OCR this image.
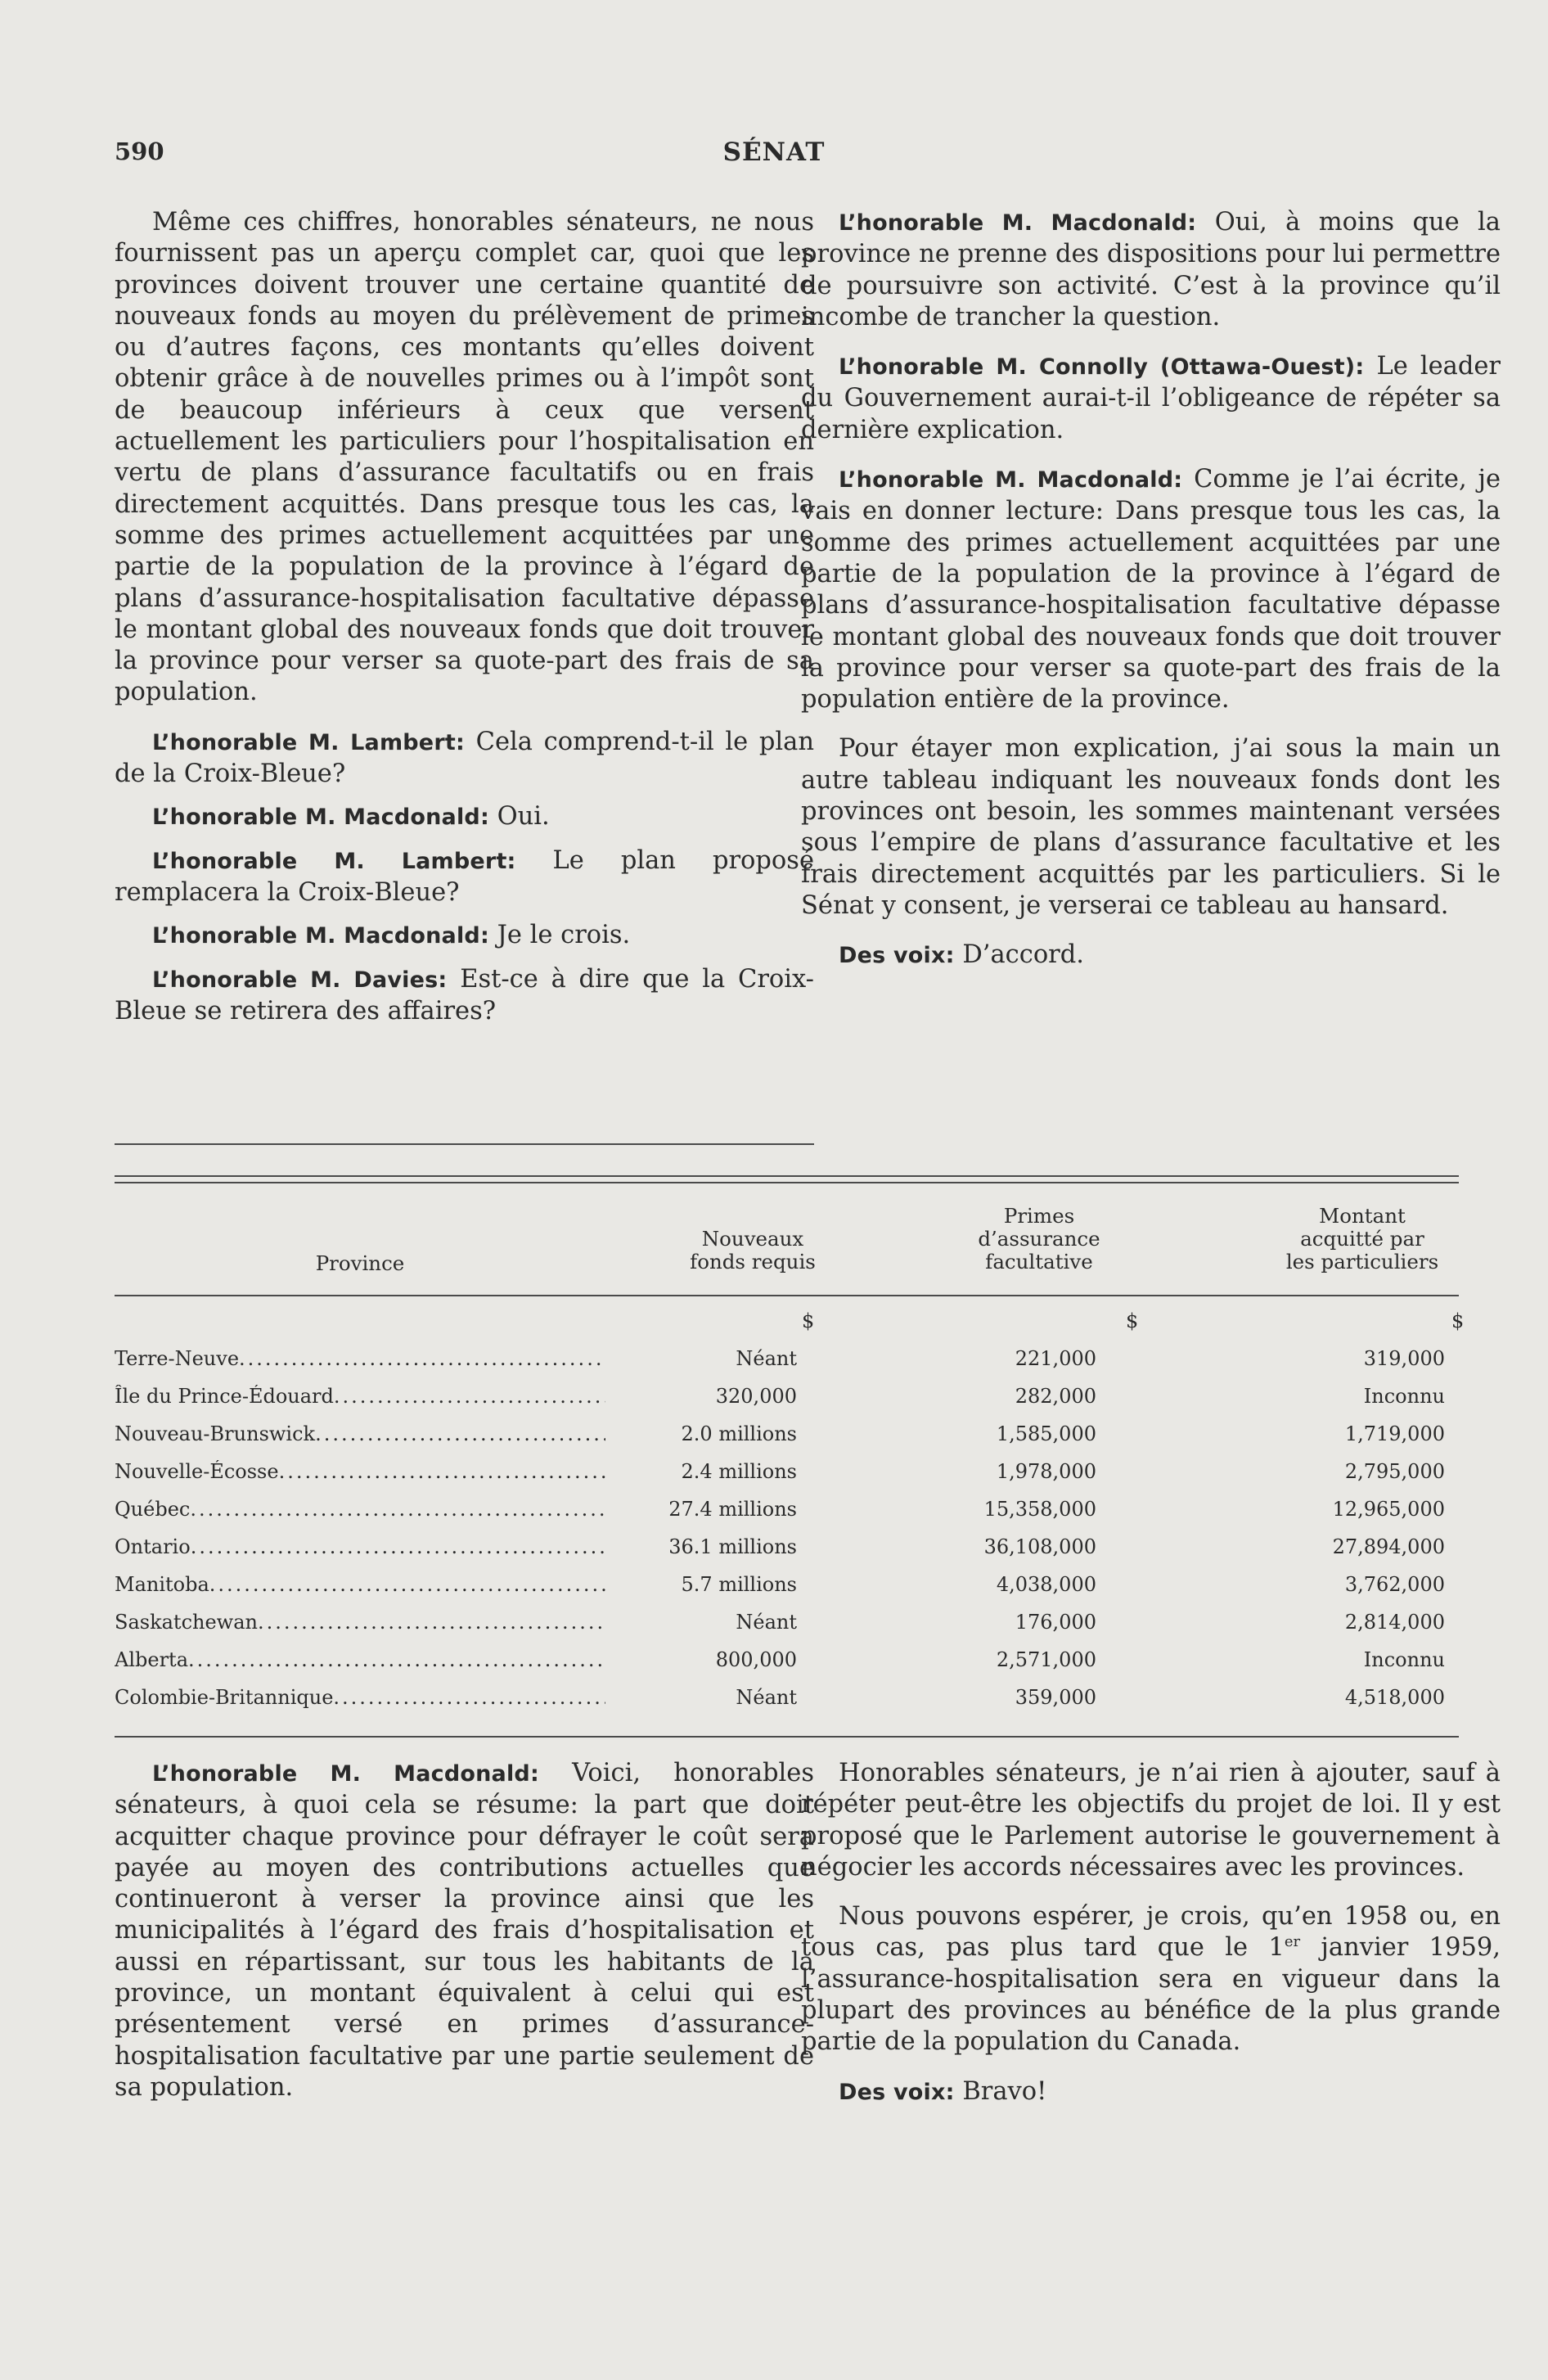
590	SÉNAT

Même ces chiffres, honorables sénateurs, ne nous fournissent pas un aperçu complet car, quoi que les provinces doivent trouver une certaine quantité de nouveaux fonds au moyen du prélèvement de primes ou d’autres façons, ces montants qu’elles doivent obtenir grâce à de nouvelles primes ou à l’impôt sont de beaucoup inférieurs à ceux que versent actuellement les particuliers pour l’hospitalisation en vertu de plans d’assurance facultatifs ou en frais directement acquittés. Dans presque tous les cas, la somme des primes actuellement acquittées par une partie de la population de la province à l’égard de plans d’assurance-hospitalisation facultative dépasse le montant global des nouveaux fonds que doit trouver la province pour verser sa quote-part des frais de sa population.

L’honorable M. Lambert: Cela comprend-t-il le plan de la Croix-Bleue?

L’honorable M. Macdonald: Oui.

L’honorable M. Lambert: Le plan proposé remplacera la Croix-Bleue?

L’honorable M. Macdonald: Je le crois.

L’honorable M. Davies: Est-ce à dire que la Croix-Bleue se retirera des affaires?

L’honorable M. Macdonald: Oui, à moins que la province ne prenne des dispositions pour lui permettre de poursuivre son activité. C’est à la province qu’il incombe de trancher la question.

L’honorable M. Connolly (Ottawa-Ouest): Le leader du Gouvernement aurai-t-il l’obligeance de répéter sa dernière explication.

L’honorable M. Macdonald: Comme je l’ai écrite, je vais en donner lecture: Dans presque tous les cas, la somme des primes actuellement acquittées par une partie de la population de la province à l’égard de plans d’assurance-hospitalisation facultative dépasse le montant global des nouveaux fonds que doit trouver la province pour verser sa quote-part des frais de la population entière de la province.

Pour étayer mon explication, j’ai sous la main un autre tableau indiquant les nouveaux fonds dont les provinces ont besoin, les sommes maintenant versées sous l’empire de plans d’assurance facultative et les frais directement acquittés par les particuliers. Si le Sénat y consent, je verserai ce tableau au hansard.

Des voix: D’accord.

Province
Nouveaux
fonds requis
Primes
d’assurance
facultative
Montant
acquitté par
les particuliers
$	$	$
Terre-Neuve .....	Néant	221,000	319,000
Île du Prince-Édouard .....	320,000	282,000	Inconnu
Nouveau-Brunswick .....	2.0 millions	1,585,000	1,719,000
Nouvelle-Écosse .....	2.4 millions	1,978,000	2,795,000
Québec .....	27.4 millions	15,358,000	12,965,000
Ontario .....	36.1 millions	36,108,000	27,894,000
Manitoba .....	5.7 millions	4,038,000	3,762,000
Saskatchewan .....	Néant	176,000	2,814,000
Alberta .....	800,000	2,571,000	Inconnu
Colombie-Britannique .....	Néant	359,000	4,518,000

L’honorable M. Macdonald: Voici, honorables sénateurs, à quoi cela se résume: la part que doit acquitter chaque province pour défrayer le coût sera payée au moyen des contributions actuelles que continueront à verser la province ainsi que les municipalités à l’égard des frais d’hospitalisation et aussi en répartissant, sur tous les habitants de la province, un montant équivalent à celui qui est présentement versé en primes d’assurance-hospitalisation facultative par une partie seulement de sa population.

Honorables sénateurs, je n’ai rien à ajouter, sauf à répéter peut-être les objectifs du projet de loi. Il y est proposé que le Parlement autorise le gouvernement à négocier les accords nécessaires avec les provinces.

Nous pouvons espérer, je crois, qu’en 1958 ou, en tous cas, pas plus tard que le 1er janvier 1959, l’assurance-hospitalisation sera en vigueur dans la plupart des provinces au bénéfice de la plus grande partie de la population du Canada.

Des voix: Bravo!
